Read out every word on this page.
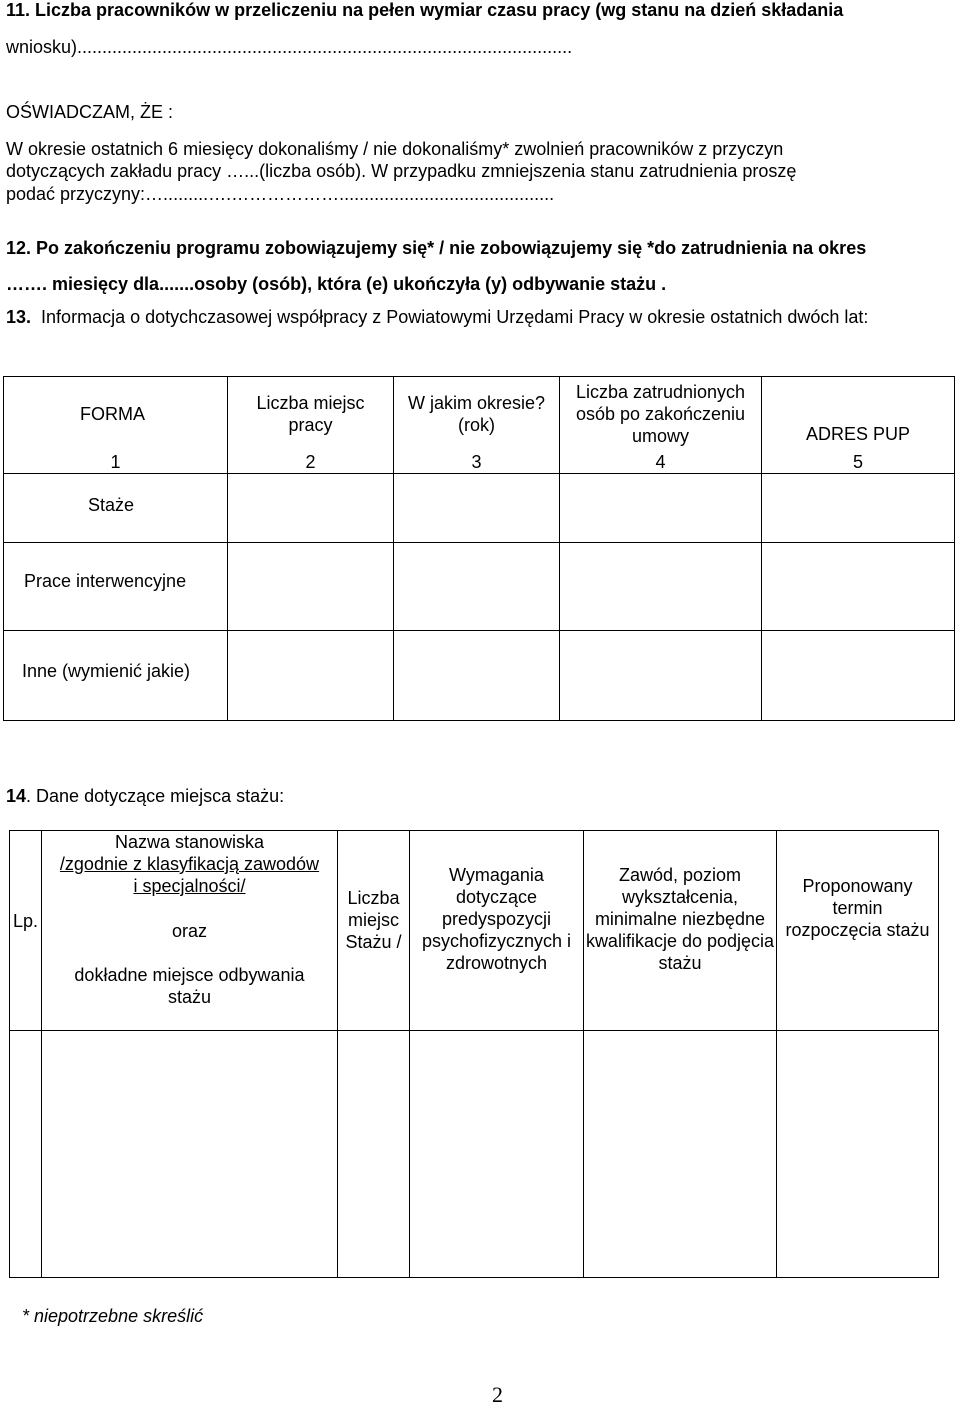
11. Liczba pracowników w przeliczeniu na pełen wymiar czasu pracy (wg stanu na dzień składania
wniosku)...................................................................................................
OŚWIADCZAM, ŻE :
W okresie ostatnich 6 miesięcy dokonaliśmy / nie dokonaliśmy* zwolnień pracowników z przyczyn
dotyczących zakładu pracy …...(liczba osób). W przypadku zmniejszenia stanu zatrudnienia proszę
podać przyczyny:….........….………………...........................................
12. Po zakończeniu programu zobowiązujemy się* / nie zobowiązujemy się *do zatrudnienia na okres
……. miesięcy dla.......osoby (osób), która (e) ukończyła (y) odbywanie stażu .
13. Informacja o dotychczasowej współpracy z Powiatowymi Urzędami Pracy w okresie ostatnich dwóch lat:
FORMA	Liczba miejsc pracy	W jakim okresie? (rok)	Liczba zatrudnionych osób po zakończeniu umowy	ADRES PUP
1	2	3	4	5
Staże				
Prace interwencyjne				
Inne (wymienić jakie)				
14. Dane dotyczące miejsca stażu:
Lp.	Nazwa stanowiska
/zgodnie z klasyfikacją zawodów
i specjalności/
oraz
dokładne miejsce odbywania stażu	Liczba miejsc Stażu /	Wymagania dotyczące predyspozycji psychofizycznych i zdrowotnych	Zawód, poziom wykształcenia, minimalne niezbędne kwalifikacje do podjęcia stażu	Proponowany termin rozpoczęcia stażu

* niepotrzebne skreślić
2
